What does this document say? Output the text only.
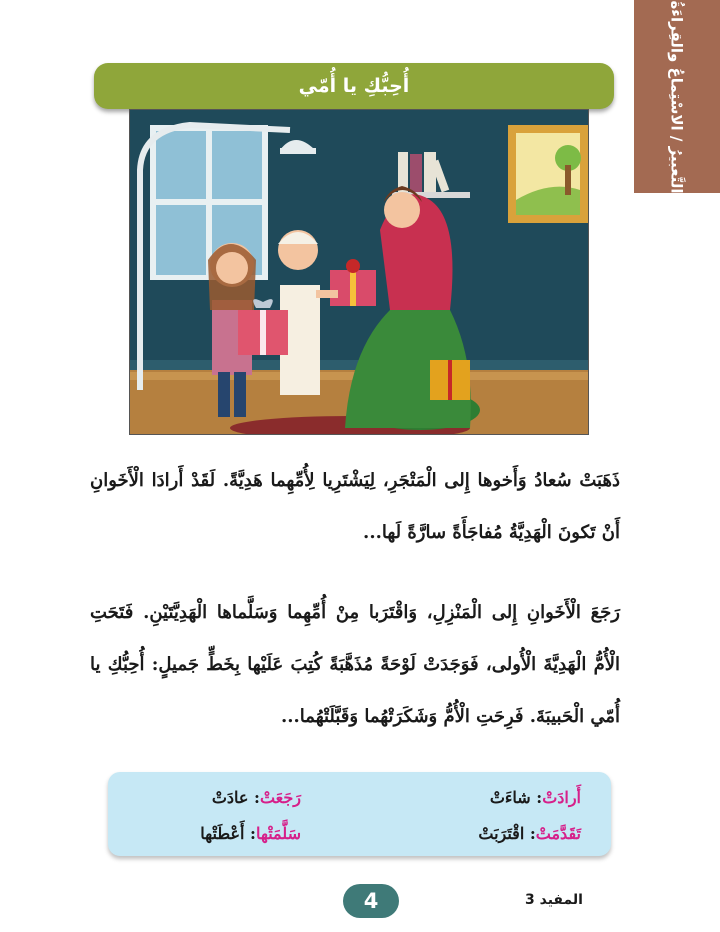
التَّعبيرُ / الاسْتِماعُ والقِراءَةُ
أُحِبُّكِ يا أُمّي

ذَهَبَتْ سُعادُ وَأَخوها إِلى الْمَتْجَرِ، لِيَشْتَرِيا لِأُمِّهِما هَدِيَّةً. لَقَدْ أَرادَا الْأَخَوانِ أَنْ تَكونَ الْهَدِيَّةُ مُفاجَأَةً سارَّةً لَها...

رَجَعَ الْأَخَوانِ إِلى الْمَنْزِلِ، وَاقْتَرَبا مِنْ أُمِّهِما وَسَلَّماها الْهَدِيَّتَيْنِ. فَتَحَتِ الْأُمُّ الْهَدِيَّةَ الْأُولى، فَوَجَدَتْ لَوْحَةً مُذَهَّبَةً كُتِبَ عَلَيْها بِخَطٍّ جَميلٍ: أُحِبُّكِ يا أُمّي الْحَبيبَةَ. فَرِحَتِ الْأُمُّ وَشَكَرَتْهُما وَقَبَّلَتْهُما...

أَرادَتْ: شاءَتْ
رَجَعَتْ: عادَتْ
تَقَدَّمَتْ: اقْتَرَبَتْ
سَلَّمَتْها: أَعْطَتْها
4	المفيد 3
